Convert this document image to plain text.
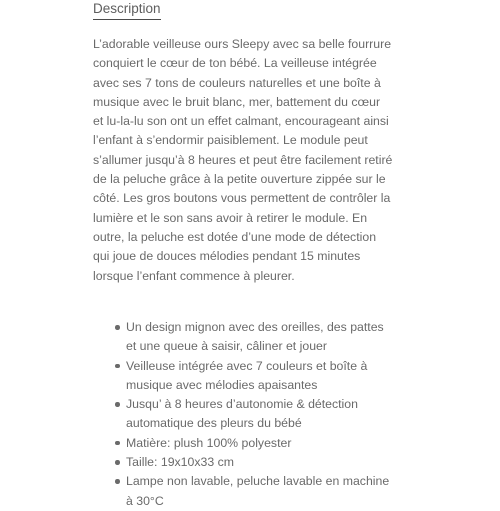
Description

L’adorable veilleuse ours Sleepy avec sa belle fourrure conquiert le cœur de ton bébé. La veilleuse intégrée avec ses 7 tons de couleurs naturelles et une boîte à musique avec le bruit blanc, mer, battement du cœur et lu-la-lu son ont un effet calmant, encourageant ainsi l’enfant à s’endormir paisiblement. Le module peut s’allumer jusqu’à 8 heures et peut être facilement retiré de la peluche grâce à la petite ouverture zippée sur le côté. Les gros boutons vous permettent de contrôler la lumière et le son sans avoir à retirer le module. En outre, la peluche est dotée d’une mode de détection qui joue de douces mélodies pendant 15 minutes lorsque l’enfant commence à pleurer.

Un design mignon avec des oreilles, des pattes et une queue à saisir, câliner et jouer
Veilleuse intégrée avec 7 couleurs et boîte à musique avec mélodies apaisantes
Jusqu’ à 8 heures d’autonomie & détection automatique des pleurs du bébé
Matière: plush 100% polyester
Taille: 19x10x33 cm
Lampe non lavable, peluche lavable en machine à 30°C
